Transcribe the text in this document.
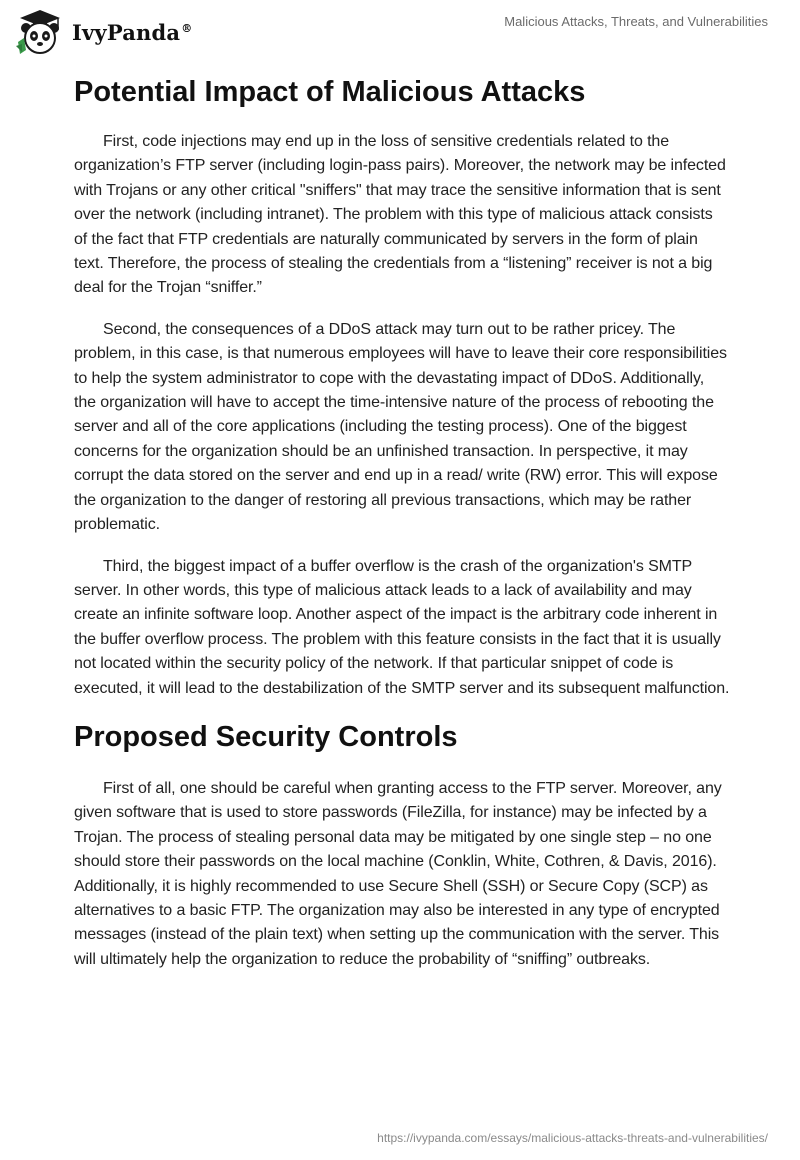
IvyPanda®	Malicious Attacks, Threats, and Vulnerabilities
Potential Impact of Malicious Attacks

First, code injections may end up in the loss of sensitive credentials related to the organization’s FTP server (including login-pass pairs). Moreover, the network may be infected with Trojans or any other critical "sniffers" that may trace the sensitive information that is sent over the network (including intranet). The problem with this type of malicious attack consists of the fact that FTP credentials are naturally communicated by servers in the form of plain text. Therefore, the process of stealing the credentials from a “listening” receiver is not a big deal for the Trojan “sniffer.”

Second, the consequences of a DDoS attack may turn out to be rather pricey. The problem, in this case, is that numerous employees will have to leave their core responsibilities to help the system administrator to cope with the devastating impact of DDoS. Additionally, the organization will have to accept the time-intensive nature of the process of rebooting the server and all of the core applications (including the testing process). One of the biggest concerns for the organization should be an unfinished transaction. In perspective, it may corrupt the data stored on the server and end up in a read/ write (RW) error. This will expose the organization to the danger of restoring all previous transactions, which may be rather problematic.

Third, the biggest impact of a buffer overflow is the crash of the organization's SMTP server. In other words, this type of malicious attack leads to a lack of availability and may create an infinite software loop. Another aspect of the impact is the arbitrary code inherent in the buffer overflow process. The problem with this feature consists in the fact that it is usually not located within the security policy of the network. If that particular snippet of code is executed, it will lead to the destabilization of the SMTP server and its subsequent malfunction.

Proposed Security Controls

First of all, one should be careful when granting access to the FTP server. Moreover, any given software that is used to store passwords (FileZilla, for instance) may be infected by a Trojan. The process of stealing personal data may be mitigated by one single step – no one should store their passwords on the local machine (Conklin, White, Cothren, & Davis, 2016). Additionally, it is highly recommended to use Secure Shell (SSH) or Secure Copy (SCP) as alternatives to a basic FTP. The organization may also be interested in any type of encrypted messages (instead of the plain text) when setting up the communication with the server. This will ultimately help the organization to reduce the probability of “sniffing” outbreaks.

https://ivypanda.com/essays/malicious-attacks-threats-and-vulnerabilities/
